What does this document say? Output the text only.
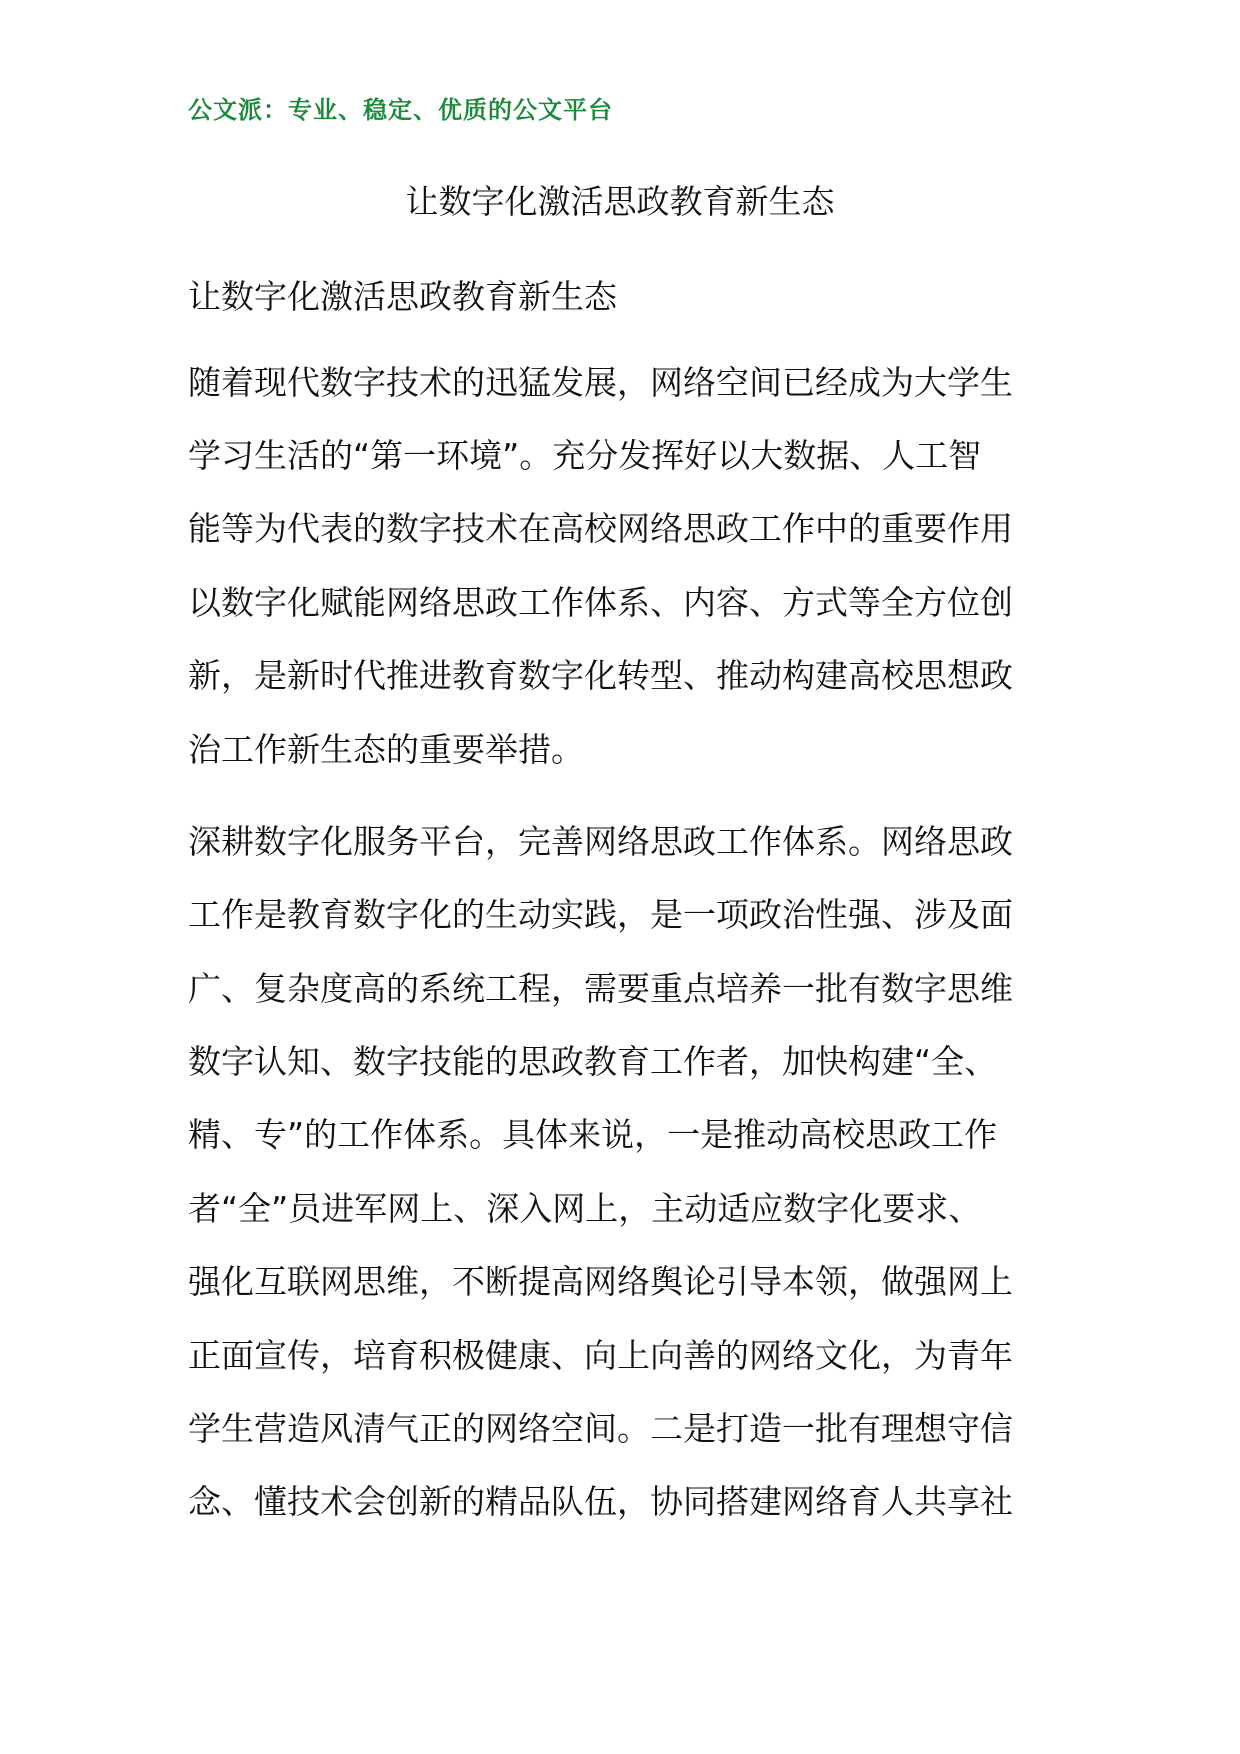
公文派：专业、稳定、优质的公文平台
让数字化激活思政教育新生态
让数字化激活思政教育新生态
随着现代数字技术的迅猛发展，网络空间已经成为大学生
学习生活的“第一环境”。充分发挥好以大数据、人工智
能等为代表的数字技术在高校网络思政工作中的重要作用
以数字化赋能网络思政工作体系、内容、方式等全方位创
新，是新时代推进教育数字化转型、推动构建高校思想政
治工作新生态的重要举措。
深耕数字化服务平台，完善网络思政工作体系。网络思政
工作是教育数字化的生动实践，是一项政治性强、涉及面
广、复杂度高的系统工程，需要重点培养一批有数字思维
数字认知、数字技能的思政教育工作者，加快构建“全、
精、专”的工作体系。具体来说，一是推动高校思政工作
者“全”员进军网上、深入网上，主动适应数字化要求、
强化互联网思维，不断提高网络舆论引导本领，做强网上
正面宣传，培育积极健康、向上向善的网络文化，为青年
学生营造风清气正的网络空间。二是打造一批有理想守信
念、懂技术会创新的精品队伍，协同搭建网络育人共享社
